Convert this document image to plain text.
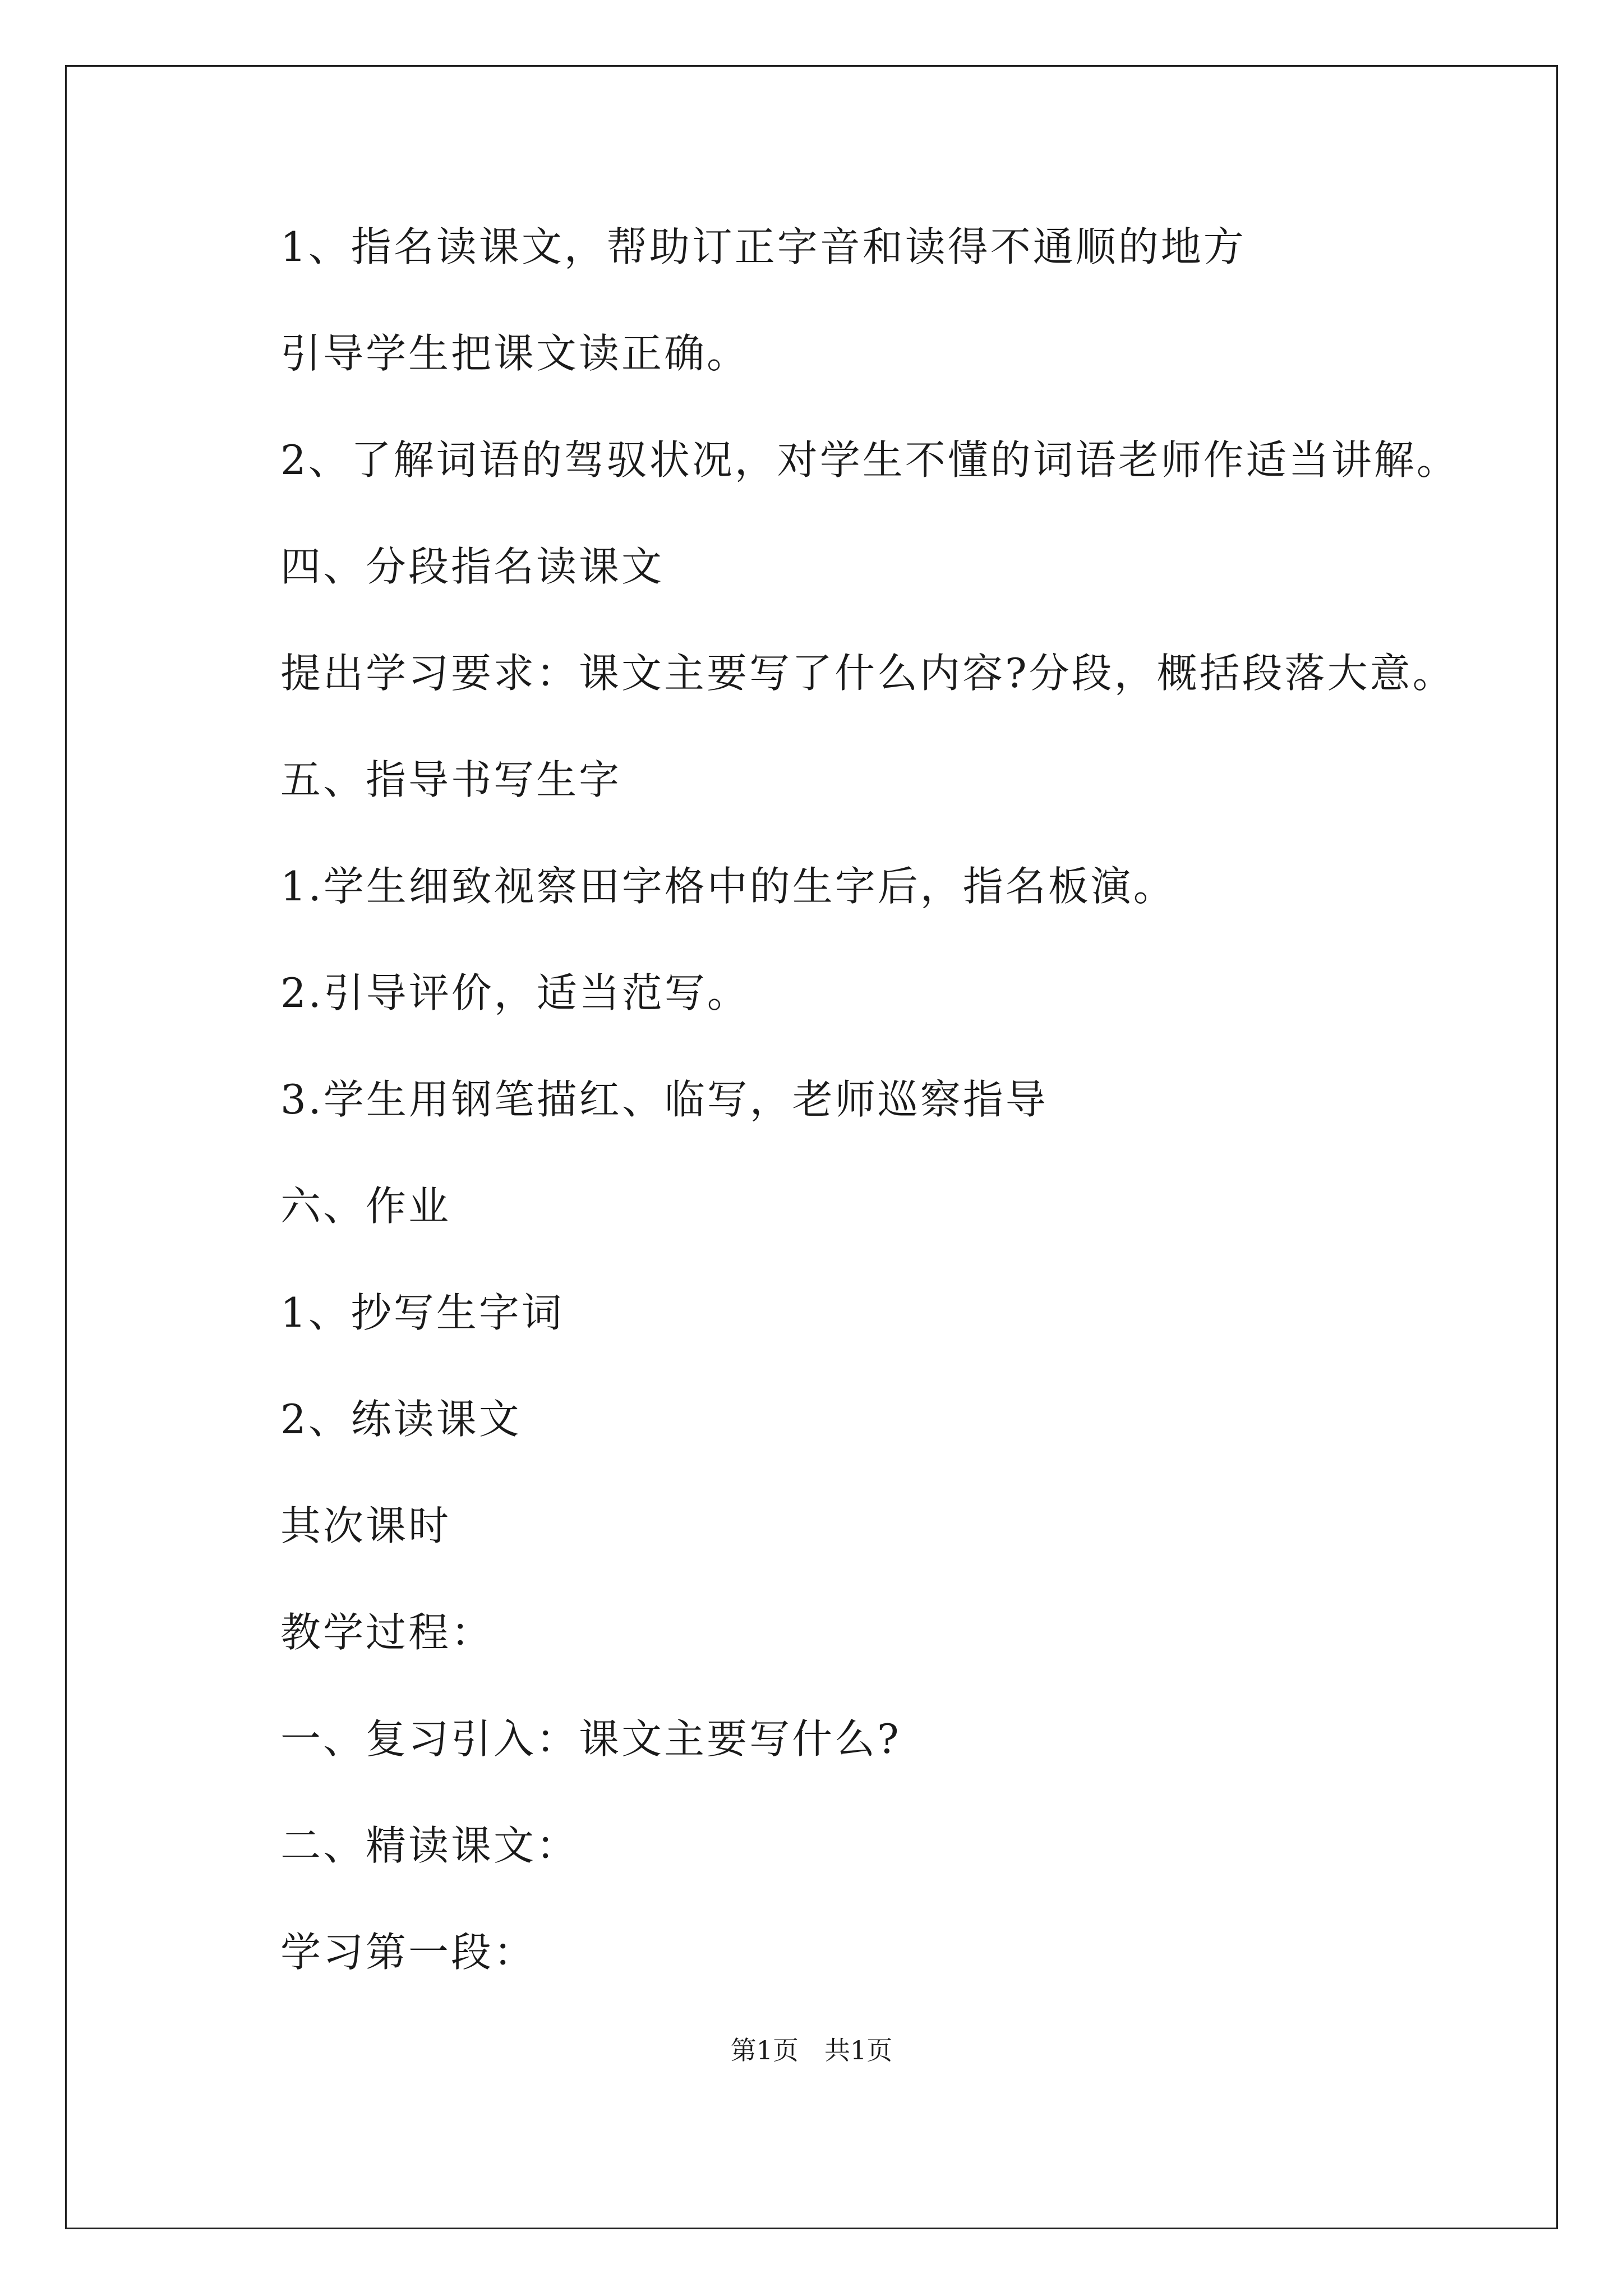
1、指名读课文，帮助订正字音和读得不通顺的地方
引导学生把课文读正确。
2、了解词语的驾驭状况，对学生不懂的词语老师作适当讲解。
四、分段指名读课文
提出学习要求：课文主要写了什么内容?分段，概括段落大意。
五、指导书写生字
1.学生细致视察田字格中的生字后，指名板演。
2.引导评价，适当范写。
3.学生用钢笔描红、临写，老师巡察指导
六、作业
1、抄写生字词
2、练读课文
其次课时
教学过程：
一、复习引入：课文主要写什么?
二、精读课文：
学习第一段：
第1页　共1页
